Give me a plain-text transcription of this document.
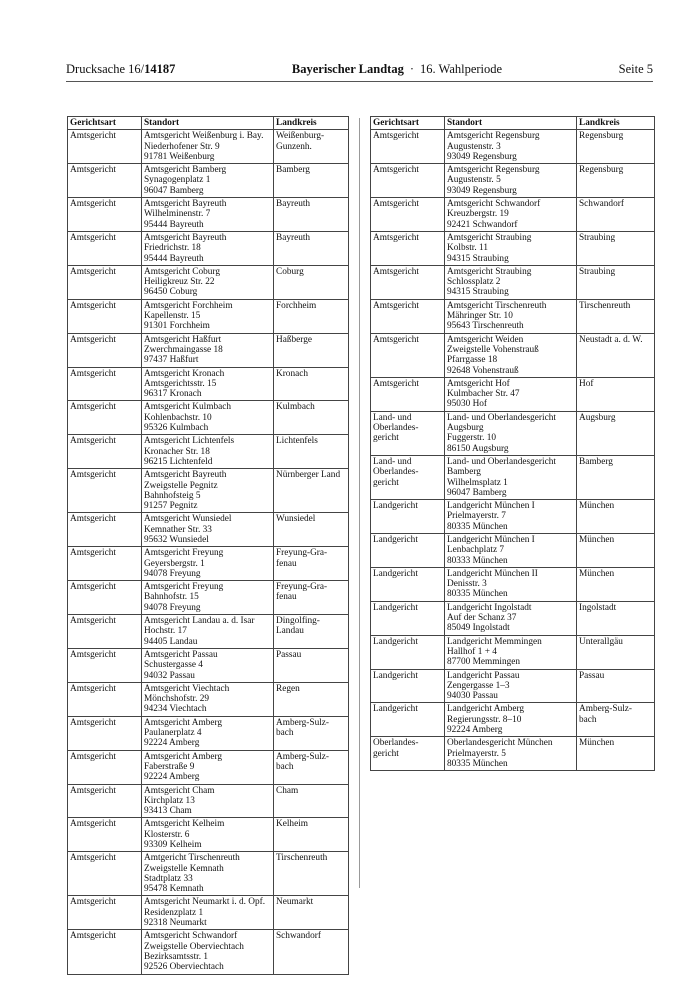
Drucksache 16/14187	Bayerischer Landtag · 16. Wahlperiode	Seite 5
Gerichtsart	Standort	Landkreis
Amtsgericht	Amtsgericht Weißenburg i. Bay.
Niederhofener Str. 9
91781 Weißenburg	Weißenburg-
Gunzenh.
Amtsgericht	Amtsgericht Bamberg
Synagogenplatz 1
96047 Bamberg	Bamberg
Amtsgericht	Amtsgericht Bayreuth
Wilhelminenstr. 7
95444 Bayreuth	Bayreuth
Amtsgericht	Amtsgericht Bayreuth
Friedrichstr. 18
95444 Bayreuth	Bayreuth
Amtsgericht	Amtsgericht Coburg
Heiligkreuz Str. 22
96450 Coburg	Coburg
Amtsgericht	Amtsgericht Forchheim
Kapellenstr. 15
91301 Forchheim	Forchheim
Amtsgericht	Amtsgericht Haßfurt
Zwerchmaingasse 18
97437 Haßfurt	Haßberge
Amtsgericht	Amtsgericht Kronach
Amtsgerichtsstr. 15
96317 Kronach	Kronach
Amtsgericht	Amtsgericht Kulmbach
Kohlenbachstr. 10
95326 Kulmbach	Kulmbach
Amtsgericht	Amtsgericht Lichtenfels
Kronacher Str. 18
96215 Lichtenfeld	Lichtenfels
Amtsgericht	Amtsgericht Bayreuth
Zweigstelle Pegnitz
Bahnhofsteig 5
91257 Pegnitz	Nürnberger Land
Amtsgericht	Amtsgericht Wunsiedel
Kemnather Str. 33
95632 Wunsiedel	Wunsiedel
Amtsgericht	Amtsgericht Freyung
Geyersbergstr. 1
94078 Freyung	Freyung-Gra-
fenau
Amtsgericht	Amtsgericht Freyung
Bahnhofstr. 15
94078 Freyung	Freyung-Gra-
fenau
Amtsgericht	Amtsgericht Landau a. d. Isar
Hochstr. 17
94405 Landau	Dingolfing-
Landau
Amtsgericht	Amtsgericht Passau
Schustergasse 4
94032 Passau	Passau
Amtsgericht	Amtsgericht Viechtach
Mönchshofstr. 29
94234 Viechtach	Regen
Amtsgericht	Amtsgericht Amberg
Paulanerplatz 4
92224 Amberg	Amberg-Sulz-
bach
Amtsgericht	Amtsgericht Amberg
Faberstraße 9
92224 Amberg	Amberg-Sulz-
bach
Amtsgericht	Amtsgericht Cham
Kirchplatz 13
93413 Cham	Cham
Amtsgericht	Amtsgericht Kelheim
Klosterstr. 6
93309 Kelheim	Kelheim
Amtsgericht	Amtgericht Tirschenreuth
Zweigstelle Kemnath
Stadtplatz 33
95478 Kemnath	Tirschenreuth
Amtsgericht	Amtsgericht Neumarkt i. d. Opf.
Residenzplatz 1
92318 Neumarkt	Neumarkt
Amtsgericht	Amtsgericht Schwandorf
Zweigstelle Oberviechtach
Bezirksamtsstr. 1
92526 Oberviechtach	Schwandorf
Gerichtsart	Standort	Landkreis
Amtsgericht	Amtsgericht Regensburg
Augustenstr. 3
93049 Regensburg	Regensburg
Amtsgericht	Amtsgericht Regensburg
Augustenstr. 5
93049 Regensburg	Regensburg
Amtsgericht	Amtsgericht Schwandorf
Kreuzbergstr. 19
92421 Schwandorf	Schwandorf
Amtsgericht	Amtsgericht Straubing
Kolbstr. 11
94315 Straubing	Straubing
Amtsgericht	Amtsgericht Straubing
Schlossplatz 2
94315 Straubing	Straubing
Amtsgericht	Amtsgericht Tirschenreuth
Mähringer Str. 10
95643 Tirschenreuth	Tirschenreuth
Amtsgericht	Amtsgericht Weiden
Zweigstelle Vohenstrauß
Pfarrgasse 18
92648 Vohenstrauß	Neustadt a. d. W.
Amtsgericht	Amtsgericht Hof
Kulmbacher Str. 47
95030 Hof	Hof
Land- und
Oberlandes-
gericht	Land- und Oberlandesgericht
Augsburg
Fuggerstr. 10
86150 Augsburg	Augsburg
Land- und
Oberlandes-
gericht	Land- und Oberlandesgericht
Bamberg
Wilhelmsplatz 1
96047 Bamberg	Bamberg
Landgericht	Landgericht München I
Prielmayerstr. 7
80335 München	München
Landgericht	Landgericht München I
Lenbachplatz 7
80333 München	München
Landgericht	Landgericht München II
Denisstr. 3
80335 München	München
Landgericht	Landgericht Ingolstadt
Auf der Schanz 37
85049 Ingolstadt	Ingolstadt
Landgericht	Landgericht Memmingen
Hallhof 1 + 4
87700 Memmingen	Unterallgäu
Landgericht	Landgericht Passau
Zengergasse 1–3
94030 Passau	Passau
Landgericht	Landgericht Amberg
Regierungsstr. 8–10
92224 Amberg	Amberg-Sulz-
bach
Oberlandes-
gericht	Oberlandesgericht München
Prielmayerstr. 5
80335 München	München
